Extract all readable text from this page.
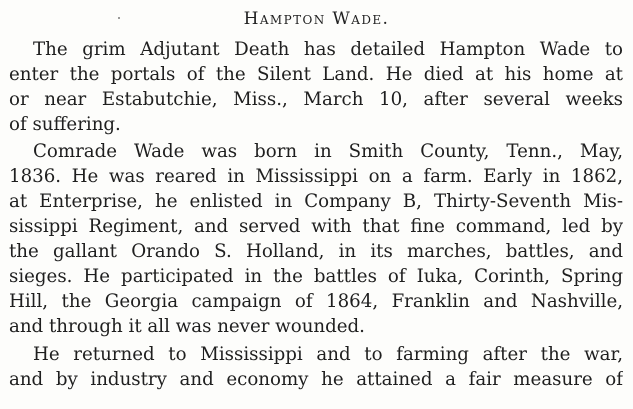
Hampton Wade.
The grim Adjutant Death has detailed Hampton Wade to
enter the portals of the Silent Land. He died at his home at
or near Estabutchie, Miss., March 10, after several weeks
of suffering.
Comrade Wade was born in Smith County, Tenn., May,
1836. He was reared in Mississippi on a farm. Early in 1862,
at Enterprise, he enlisted in Company B, Thirty-Seventh Mis-
sissippi Regiment, and served with that fine command, led by
the gallant Orando S. Holland, in its marches, battles, and
sieges. He participated in the battles of Iuka, Corinth, Spring
Hill, the Georgia campaign of 1864, Franklin and Nashville,
and through it all was never wounded.
He returned to Mississippi and to farming after the war,
and by industry and economy he attained a fair measure of
